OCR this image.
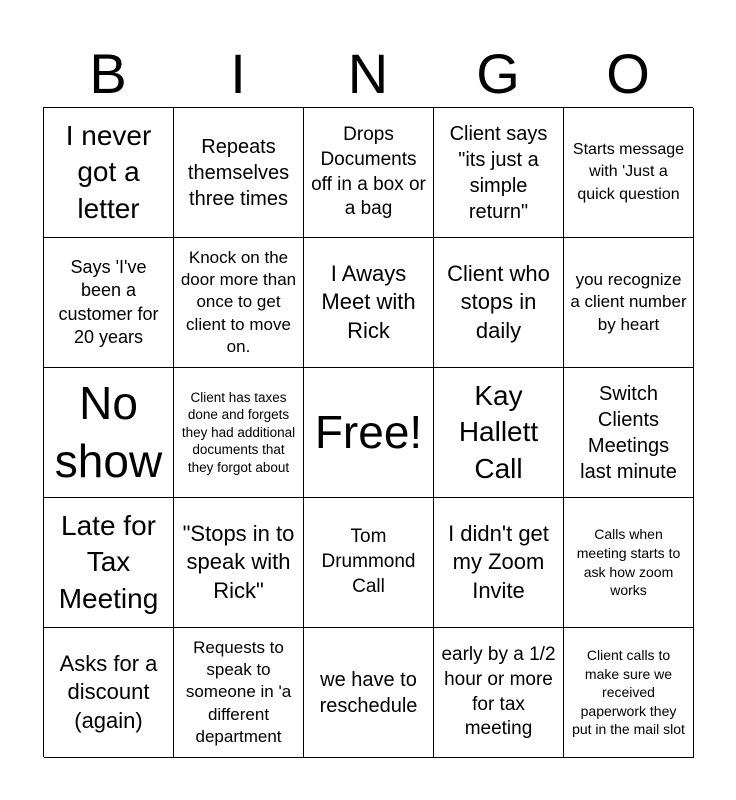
B	I	N	G	O
I never got a letter
Repeats themselves three times
Drops Documents off in a box or a bag
Client says "its just a simple return"
Starts message with 'Just a quick question
Says 'I've been a customer for 20 years
Knock on the door more than once to get client to move on.
I Aways Meet with Rick
Client who stops in daily
you recognize a client number by heart
No show
Client has taxes done and forgets they had additional documents that they forgot about
Free!
Kay Hallett Call
Switch Clients Meetings last minute
Late for Tax Meeting
"Stops in to speak with Rick"
Tom Drummond Call
I didn't get my Zoom Invite
Calls when meeting starts to ask how zoom works
Asks for a discount (again)
Requests to speak to someone in 'a different department
we have to reschedule
early by a 1/2 hour or more for tax meeting
Client calls to make sure we received paperwork they put in the mail slot
